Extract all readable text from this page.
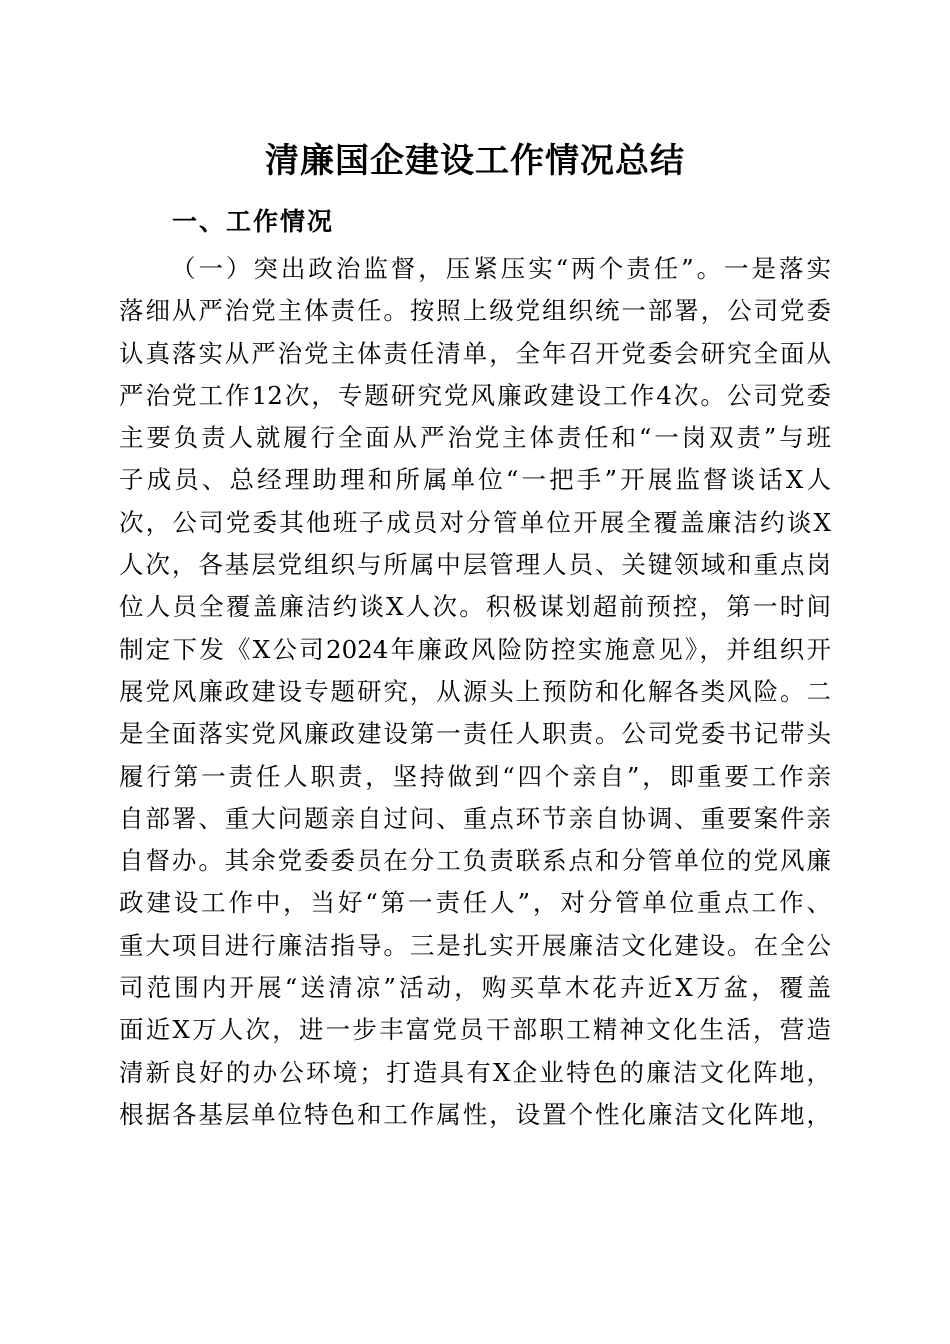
清廉国企建设工作情况总结
一、工作情况
（一）突出政治监督，压紧压实“两个责任”。一是落实
落细从严治党主体责任。按照上级党组织统一部署，公司党委
认真落实从严治党主体责任清单，全年召开党委会研究全面从
严治党工作12次，专题研究党风廉政建设工作4次。公司党委
主要负责人就履行全面从严治党主体责任和“一岗双责”与班
子成员、总经理助理和所属单位“一把手”开展监督谈话X人
次，公司党委其他班子成员对分管单位开展全覆盖廉洁约谈X
人次，各基层党组织与所属中层管理人员、关键领域和重点岗
位人员全覆盖廉洁约谈X人次。积极谋划超前预控，第一时间
制定下发《X公司2024年廉政风险防控实施意见》，并组织开
展党风廉政建设专题研究，从源头上预防和化解各类风险。二
是全面落实党风廉政建设第一责任人职责。公司党委书记带头
履行第一责任人职责，坚持做到“四个亲自”，即重要工作亲
自部署、重大问题亲自过问、重点环节亲自协调、重要案件亲
自督办。其余党委委员在分工负责联系点和分管单位的党风廉
政建设工作中，当好“第一责任人”，对分管单位重点工作、
重大项目进行廉洁指导。三是扎实开展廉洁文化建设。在全公
司范围内开展“送清凉”活动，购买草木花卉近X万盆，覆盖
面近X万人次，进一步丰富党员干部职工精神文化生活，营造
清新良好的办公环境；打造具有X企业特色的廉洁文化阵地，
根据各基层单位特色和工作属性，设置个性化廉洁文化阵地，
